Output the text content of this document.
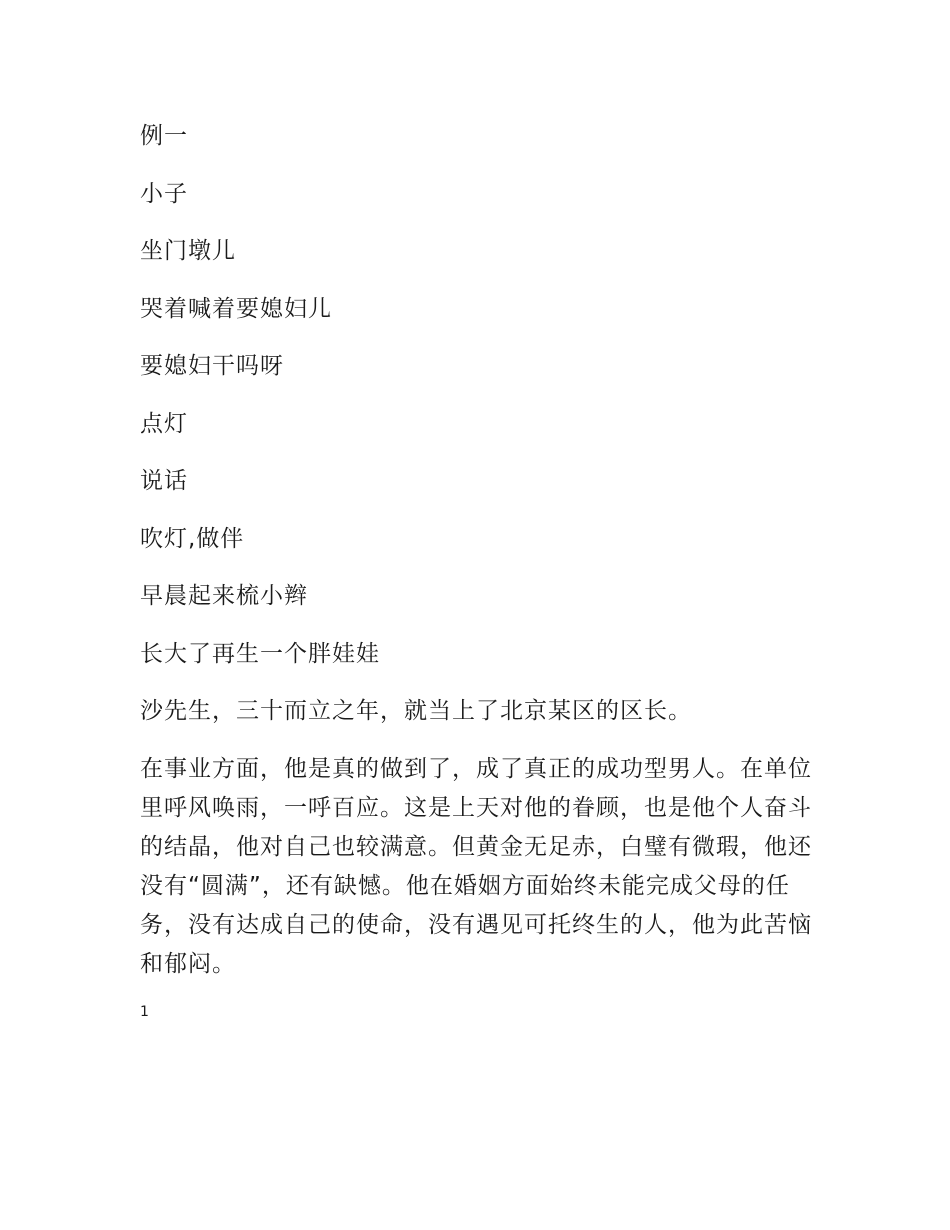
例一
小子
坐门墩儿
哭着喊着要媳妇儿
要媳妇干吗呀
点灯
说话
吹灯,做伴
早晨起来梳小辫
长大了再生一个胖娃娃
沙先生，三十而立之年，就当上了北京某区的区长。
在事业方面，他是真的做到了，成了真正的成功型男人。在单位里呼风唤雨，一呼百应。这是上天对他的眷顾，也是他个人奋斗的结晶，他对自己也较满意。但黄金无足赤，白璧有微瑕，他还没有“圆满”，还有缺憾。他在婚姻方面始终未能完成父母的任务，没有达成自己的使命，没有遇见可托终生的人，他为此苦恼和郁闷。
1
